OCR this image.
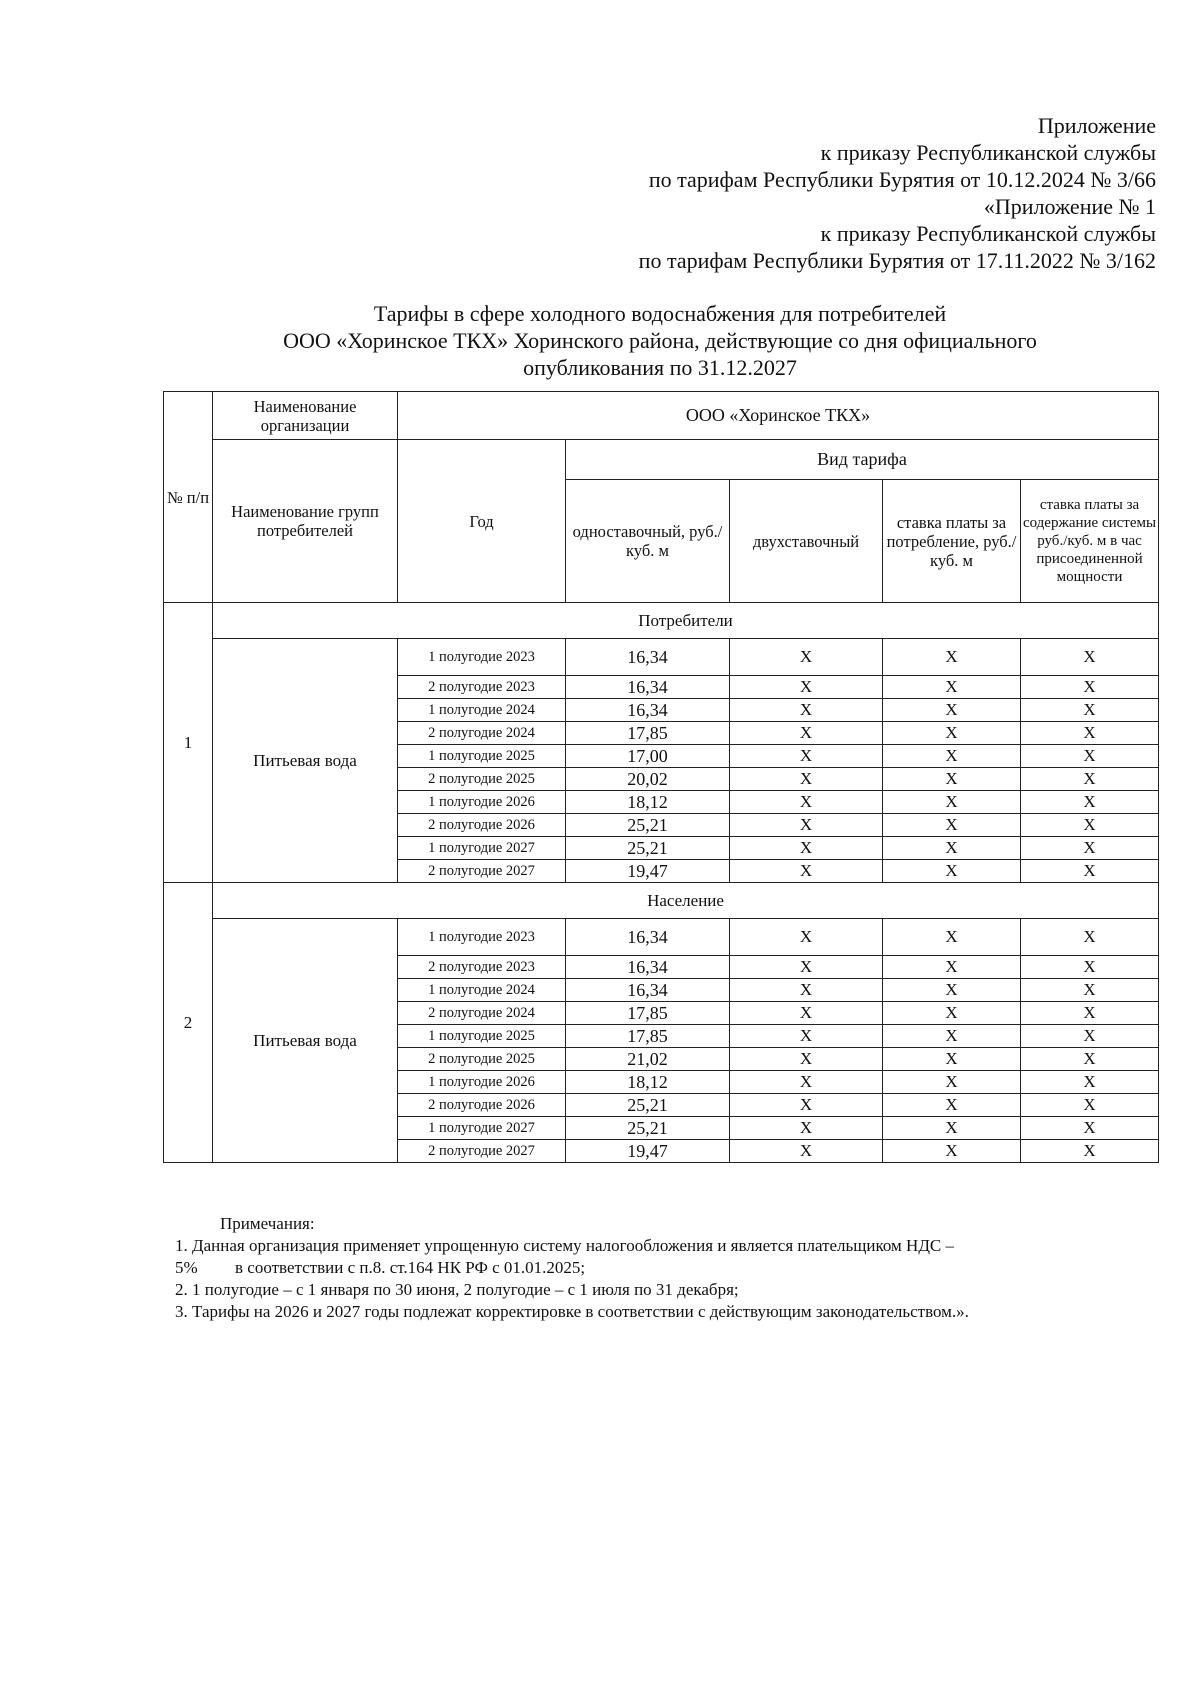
Приложение
к приказу Республиканской службы
по тарифам Республики Бурятия от 10.12.2024 № 3/66
«Приложение № 1
к приказу Республиканской службы
по тарифам Республики Бурятия от 17.11.2022 № 3/162
Тарифы в сфере холодного водоснабжения для потребителей
ООО «Хоринское ТКХ» Хоринского района, действующие со дня официального
опубликования по 31.12.2027
№ п/п	Наименование организации	ООО «Хоринское ТКХ»				
	Наименование групп потребителей	Год	Вид тарифа			
			одноставочный, руб./ куб. м	двухставочный	ставка платы за потребление, руб./ куб. м	ставка платы за содержание системы руб./куб. м в час присоединенной мощности
1	Потребители					
	Питьевая вода	1 полугодие 2023	16,34	X	X	X
		2 полугодие 2023	16,34	X	X	X
		1 полугодие 2024	16,34	X	X	X
		2 полугодие 2024	17,85	X	X	X
		1 полугодие 2025	17,00	X	X	X
		2 полугодие 2025	20,02	X	X	X
		1 полугодие 2026	18,12	X	X	X
		2 полугодие 2026	25,21	X	X	X
		1 полугодие 2027	25,21	X	X	X
		2 полугодие 2027	19,47	X	X	X
2	Население					
	Питьевая вода	1 полугодие 2023	16,34	X	X	X
		2 полугодие 2023	16,34	X	X	X
		1 полугодие 2024	16,34	X	X	X
		2 полугодие 2024	17,85	X	X	X
		1 полугодие 2025	17,85	X	X	X
		2 полугодие 2025	21,02	X	X	X
		1 полугодие 2026	18,12	X	X	X
		2 полугодие 2026	25,21	X	X	X
		1 полугодие 2027	25,21	X	X	X
		2 полугодие 2027	19,47	X	X	X
Примечания:
1. Данная организация применяет упрощенную систему налогообложения и является плательщиком НДС –
5% в соответствии с п.8. ст.164 НК РФ с 01.01.2025;
2. 1 полугодие – с 1 января по 30 июня, 2 полугодие – с 1 июля по 31 декабря;
3. Тарифы на 2026 и 2027 годы подлежат корректировке в соответствии с действующим законодательством.».
